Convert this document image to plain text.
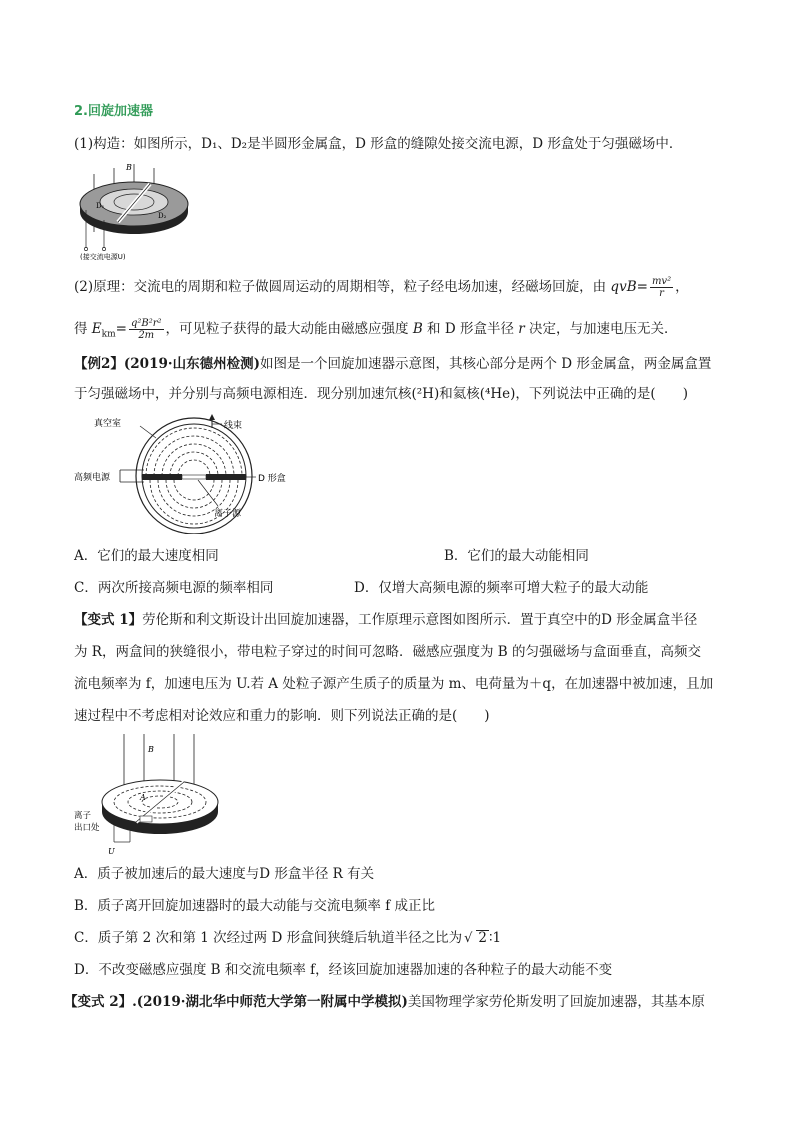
2.回旋加速器
(1)构造：如图所示，D₁、D₂是半圆形金属盒，D 形盒的缝隙处接交流电源，D 形盒处于匀强磁场中．
B
D₁
D₂
(接交流电源U)
(2)原理：交流电的周期和粒子做圆周运动的周期相等，粒子经电场加速，经磁场回旋，由 $qvB= \frac{\text{mv²}}{r}$ ，
得 $E_{km}= \frac{\text{q²B²r²}}{2m}$ ，可见粒子获得的最大动能由磁感应强度 B 和 D 形盒半径 r 决定，与加速电压无关．
【例2】(2019·山东德州检测)如图是一个回旋加速器示意图，其核心部分是两个 D 形金属盒，两金属盒置
于匀强磁场中，并分别与高频电源相连．现分别加速氘核(²H)和氦核(⁴He)，下列说法中正确的是(　　)
真空室	线束
高频电源	D 形盒
离子源
A．它们的最大速度相同	B．它们的最大动能相同
C．两次所接高频电源的频率相同	D．仅增大高频电源的频率可增大粒子的最大动能
【变式 1】劳伦斯和利文斯设计出回旋加速器，工作原理示意图如图所示．置于真空中的D 形金属盒半径
为 R，两盒间的狭缝很小，带电粒子穿过的时间可忽略．磁感应强度为 B 的匀强磁场与盒面垂直，高频交
流电频率为 f，加速电压为 U.若 A 处粒子源产生质子的质量为 m、电荷量为＋q，在加速器中被加速，且加
速过程中不考虑相对论效应和重力的影响．则下列说法正确的是(　　)
B
A
离子
出口处
U
A．质子被加速后的最大速度与D 形盒半径 R 有关
B．质子离开回旋加速器时的最大动能与交流电频率 f 成正比
C．质子第 2 次和第 1 次经过两 D 形盒间狭缝后轨道半径之比为 √ 2 ∶1
D．不改变磁感应强度 B 和交流电频率 f，经该回旋加速器加速的各种粒子的最大动能不变
【变式 2】.(2019·湖北华中师范大学第一附属中学模拟)美国物理学家劳伦斯发明了回旋加速器，其基本原
